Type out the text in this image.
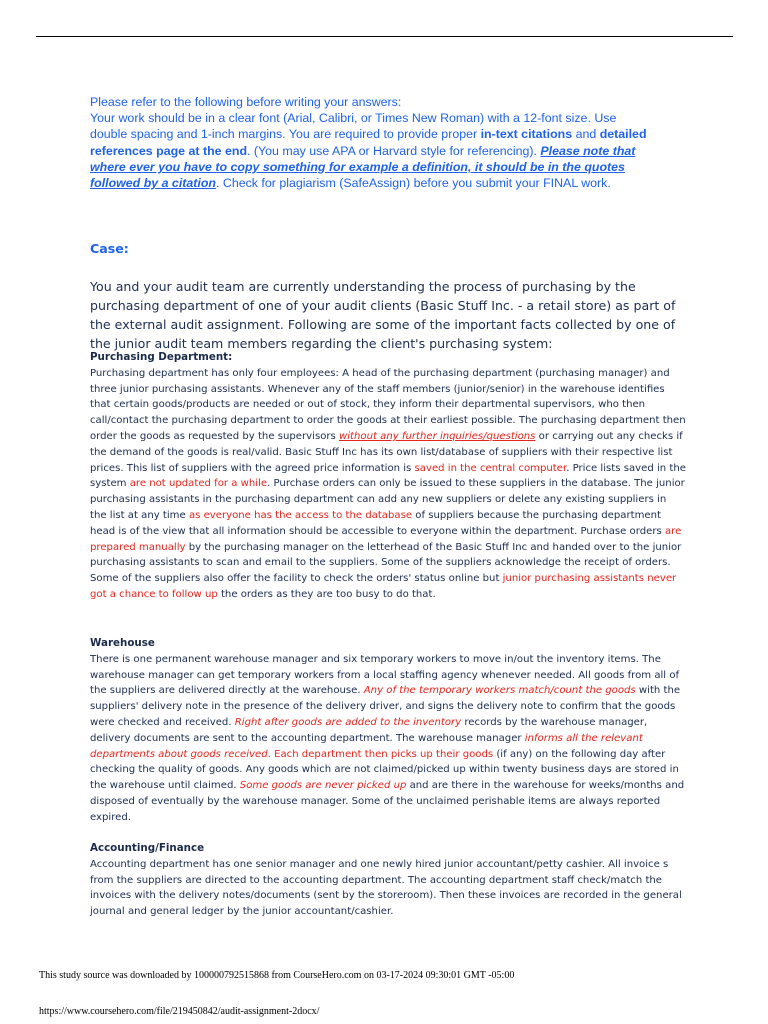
Please refer to the following before writing your answers:
Your work should be in a clear font (Arial, Calibri, or Times New Roman) with a 12-font size. Use double spacing and 1-inch margins. You are required to provide proper in-text citations and detailed references page at the end. (You may use APA or Harvard style for referencing). Please note that where ever you have to copy something for example a definition, it should be in the quotes followed by a citation. Check for plagiarism (SafeAssign) before you submit your FINAL work.
Case:
You and your audit team are currently understanding the process of purchasing by the purchasing department of one of your audit clients (Basic Stuff Inc. - a retail store) as part of the external audit assignment. Following are some of the important facts collected by one of the junior audit team members regarding the client's purchasing system:
Purchasing Department:

Purchasing department has only four employees: A head of the purchasing department (purchasing manager) and three junior purchasing assistants. Whenever any of the staff members (junior/senior) in the warehouse identifies that certain goods/products are needed or out of stock, they inform their departmental supervisors, who then call/contact the purchasing department to order the goods at their earliest possible. The purchasing department then order the goods as requested by the supervisors without any further inquiries/questions or carrying out any checks if the demand of the goods is real/valid. Basic Stuff Inc has its own list/database of suppliers with their respective list prices. This list of suppliers with the agreed price information is saved in the central computer. Price lists saved in the system are not updated for a while. Purchase orders can only be issued to these suppliers in the database. The junior purchasing assistants in the purchasing department can add any new suppliers or delete any existing suppliers in the list at any time as everyone has the access to the database of suppliers because the purchasing department head is of the view that all information should be accessible to everyone within the department. Purchase orders are prepared manually by the purchasing manager on the letterhead of the Basic Stuff Inc and handed over to the junior purchasing assistants to scan and email to the suppliers. Some of the suppliers acknowledge the receipt of orders. Some of the suppliers also offer the facility to check the orders' status online but junior purchasing assistants never got a chance to follow up the orders as they are too busy to do that.

Warehouse

There is one permanent warehouse manager and six temporary workers to move in/out the inventory items. The warehouse manager can get temporary workers from a local staffing agency whenever needed. All goods from all of the suppliers are delivered directly at the warehouse. Any of the temporary workers match/count the goods with the suppliers' delivery note in the presence of the delivery driver, and signs the delivery note to confirm that the goods were checked and received. Right after goods are added to the inventory records by the warehouse manager, delivery documents are sent to the accounting department. The warehouse manager informs all the relevant departments about goods received. Each department then picks up their goods (if any) on the following day after checking the quality of goods. Any goods which are not claimed/picked up within twenty business days are stored in the warehouse until claimed. Some goods are never picked up and are there in the warehouse for weeks/months and disposed of eventually by the warehouse manager. Some of the unclaimed perishable items are always reported expired.

Accounting/Finance

Accounting department has one senior manager and one newly hired junior accountant/petty cashier. All invoice s from the suppliers are directed to the accounting department. The accounting department staff check/match the invoices with the delivery notes/documents (sent by the storeroom). Then these invoices are recorded in the general journal and general ledger by the junior accountant/cashier.

This study source was downloaded by 100000792515868 from CourseHero.com on 03-17-2024 09:30:01 GMT -05:00
https://www.coursehero.com/file/219450842/audit-assignment-2docx/
